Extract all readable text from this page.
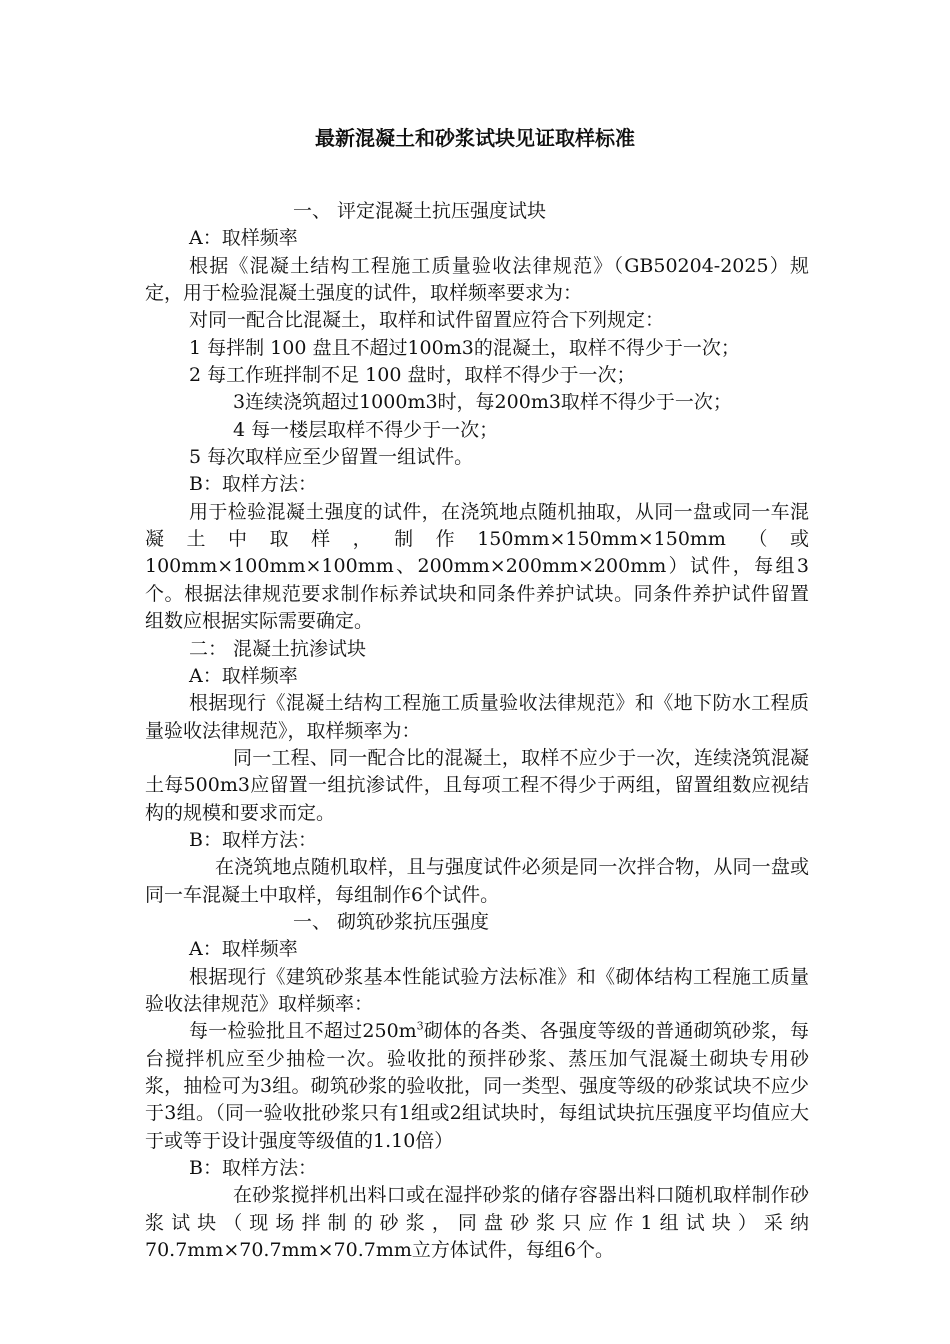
最新混凝土和砂浆试块见证取样标准

一、 评定混凝土抗压强度试块

A：取样频率

根据《混凝土结构工程施工质量验收法律规范》（GB50204-2025）规定，用于检验混凝土强度的试件，取样频率要求为：

对同一配合比混凝土，取样和试件留置应符合下列规定：

1 每拌制 100 盘且不超过100m3的混凝土，取样不得少于一次；

2 每工作班拌制不足 100 盘时，取样不得少于一次；

3连续浇筑超过1000m3时，每200m3取样不得少于一次；

4 每一楼层取样不得少于一次；

5 每次取样应至少留置一组试件。

B：取样方法：

用于检验混凝土强度的试件，在浇筑地点随机抽取，从同一盘或同一车混凝土中取样，制作150mm×150mm×150mm（或100mm×100mm×100mm、200mm×200mm×200mm）试件，每组3个。根据法律规范要求制作标养试块和同条件养护试块。同条件养护试件留置组数应根据实际需要确定。

二： 混凝土抗渗试块

A：取样频率

根据现行《混凝土结构工程施工质量验收法律规范》和《地下防水工程质量验收法律规范》，取样频率为：

同一工程、同一配合比的混凝土，取样不应少于一次，连续浇筑混凝土每500m3应留置一组抗渗试件，且每项工程不得少于两组，留置组数应视结构的规模和要求而定。

B：取样方法：

在浇筑地点随机取样，且与强度试件必须是同一次拌合物，从同一盘或同一车混凝土中取样，每组制作6个试件。

一、 砌筑砂浆抗压强度

A：取样频率

根据现行《建筑砂浆基本性能试验方法标准》和《砌体结构工程施工质量验收法律规范》取样频率：

每一检验批且不超过$250m^3$砌体的各类、各强度等级的普通砌筑砂浆，每台搅拌机应至少抽检一次。验收批的预拌砂浆、蒸压加气混凝土砌块专用砂浆，抽检可为3组。砌筑砂浆的验收批，同一类型、强度等级的砂浆试块不应少于3组。（同一验收批砂浆只有1组或2组试块时，每组试块抗压强度平均值应大于或等于设计强度等级值的1.10倍）

B：取样方法：

在砂浆搅拌机出料口或在湿拌砂浆的储存容器出料口随机取样制作砂浆试块（现场拌制的砂浆，同盘砂浆只应作1组试块）采纳70.7mm×70.7mm×70.7mm立方体试件，每组6个。
